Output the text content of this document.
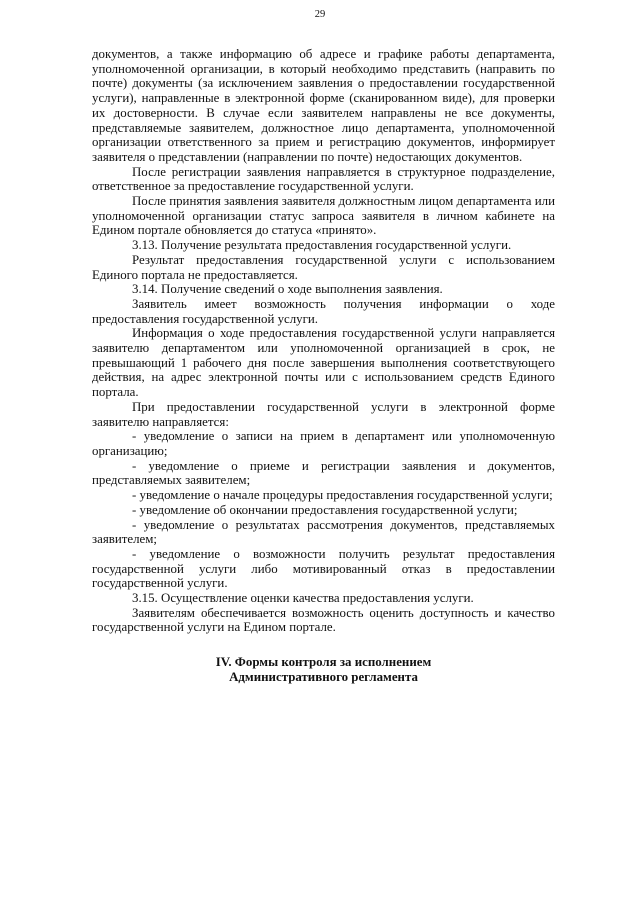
29

документов, а также информацию об адресе и графике работы департамента, уполномоченной организации, в который необходимо представить (направить по почте) документы (за исключением заявления о предоставлении государственной услуги), направленные в электронной форме (сканированном виде), для проверки их достоверности. В случае если заявителем направлены не все документы, представляемые заявителем, должностное лицо департамента, уполномоченной организации ответственного за прием и регистрацию документов, информирует заявителя о представлении (направлении по почте) недостающих документов.

После регистрации заявления направляется в структурное подразделение, ответственное за предоставление государственной услуги.

После принятия заявления заявителя должностным лицом департамента или уполномоченной организации статус запроса заявителя в личном кабинете на Едином портале обновляется до статуса «принято».

3.13. Получение результата предоставления государственной услуги.

Результат предоставления государственной услуги с использованием Единого портала не предоставляется.

3.14. Получение сведений о ходе выполнения заявления.

Заявитель имеет возможность получения информации о ходе предоставления государственной услуги.

Информация о ходе предоставления государственной услуги направляется заявителю департаментом или уполномоченной организацией в срок, не превышающий 1 рабочего дня после завершения выполнения соответствующего действия, на адрес электронной почты или с использованием средств Единого портала.

При предоставлении государственной услуги в электронной форме заявителю направляется:

- уведомление о записи на прием в департамент или уполномоченную организацию;

- уведомление о приеме и регистрации заявления и документов, представляемых заявителем;

- уведомление о начале процедуры предоставления государственной услуги;

- уведомление об окончании предоставления государственной услуги;

- уведомление о результатах рассмотрения документов, представляемых заявителем;

- уведомление о возможности получить результат предоставления государственной услуги либо мотивированный отказ в предоставлении государственной услуги.

3.15. Осуществление оценки качества предоставления услуги.

Заявителям обеспечивается возможность оценить доступность и качество государственной услуги на Едином портале.

IV. Формы контроля за исполнением
Административного регламента
